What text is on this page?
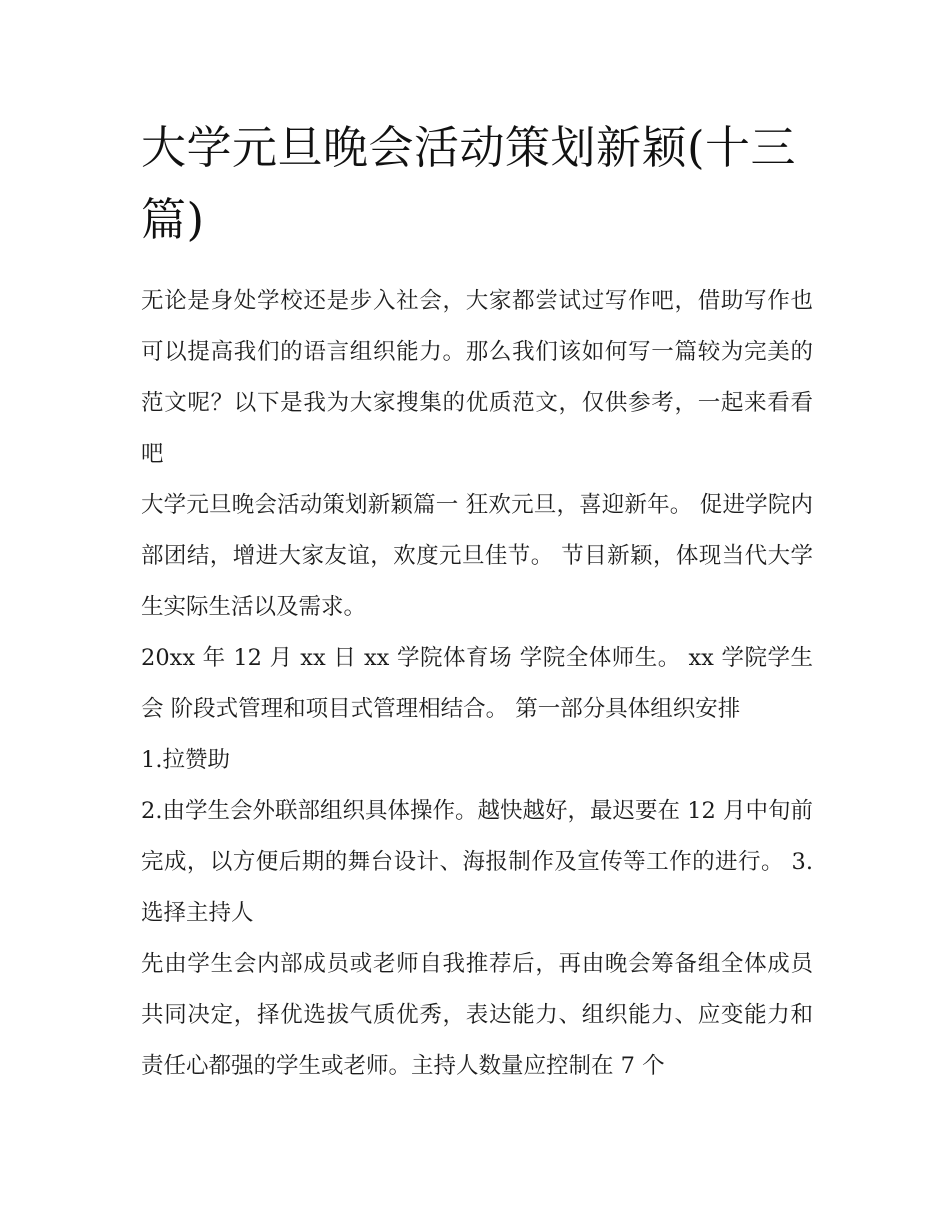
大学元旦晚会活动策划新颖(十三篇)

无论是身处学校还是步入社会，大家都尝试过写作吧，借助写作也可以提高我们的语言组织能力。那么我们该如何写一篇较为完美的范文呢？以下是我为大家搜集的优质范文，仅供参考，一起来看看吧

大学元旦晚会活动策划新颖篇一 狂欢元旦，喜迎新年。 促进学院内部团结，增进大家友谊，欢度元旦佳节。 节目新颖，体现当代大学生实际生活以及需求。

20xx 年 12 月 xx 日 xx 学院体育场 学院全体师生。 xx 学院学生会 阶段式管理和项目式管理相结合。 第一部分具体组织安排

1.拉赞助

2.由学生会外联部组织具体操作。越快越好，最迟要在 12 月中旬前完成，以方便后期的舞台设计、海报制作及宣传等工作的进行。 3.选择主持人

先由学生会内部成员或老师自我推荐后，再由晚会筹备组全体成员共同决定，择优选拔气质优秀，表达能力、组织能力、应变能力和责任心都强的学生或老师。主持人数量应控制在 7 个
